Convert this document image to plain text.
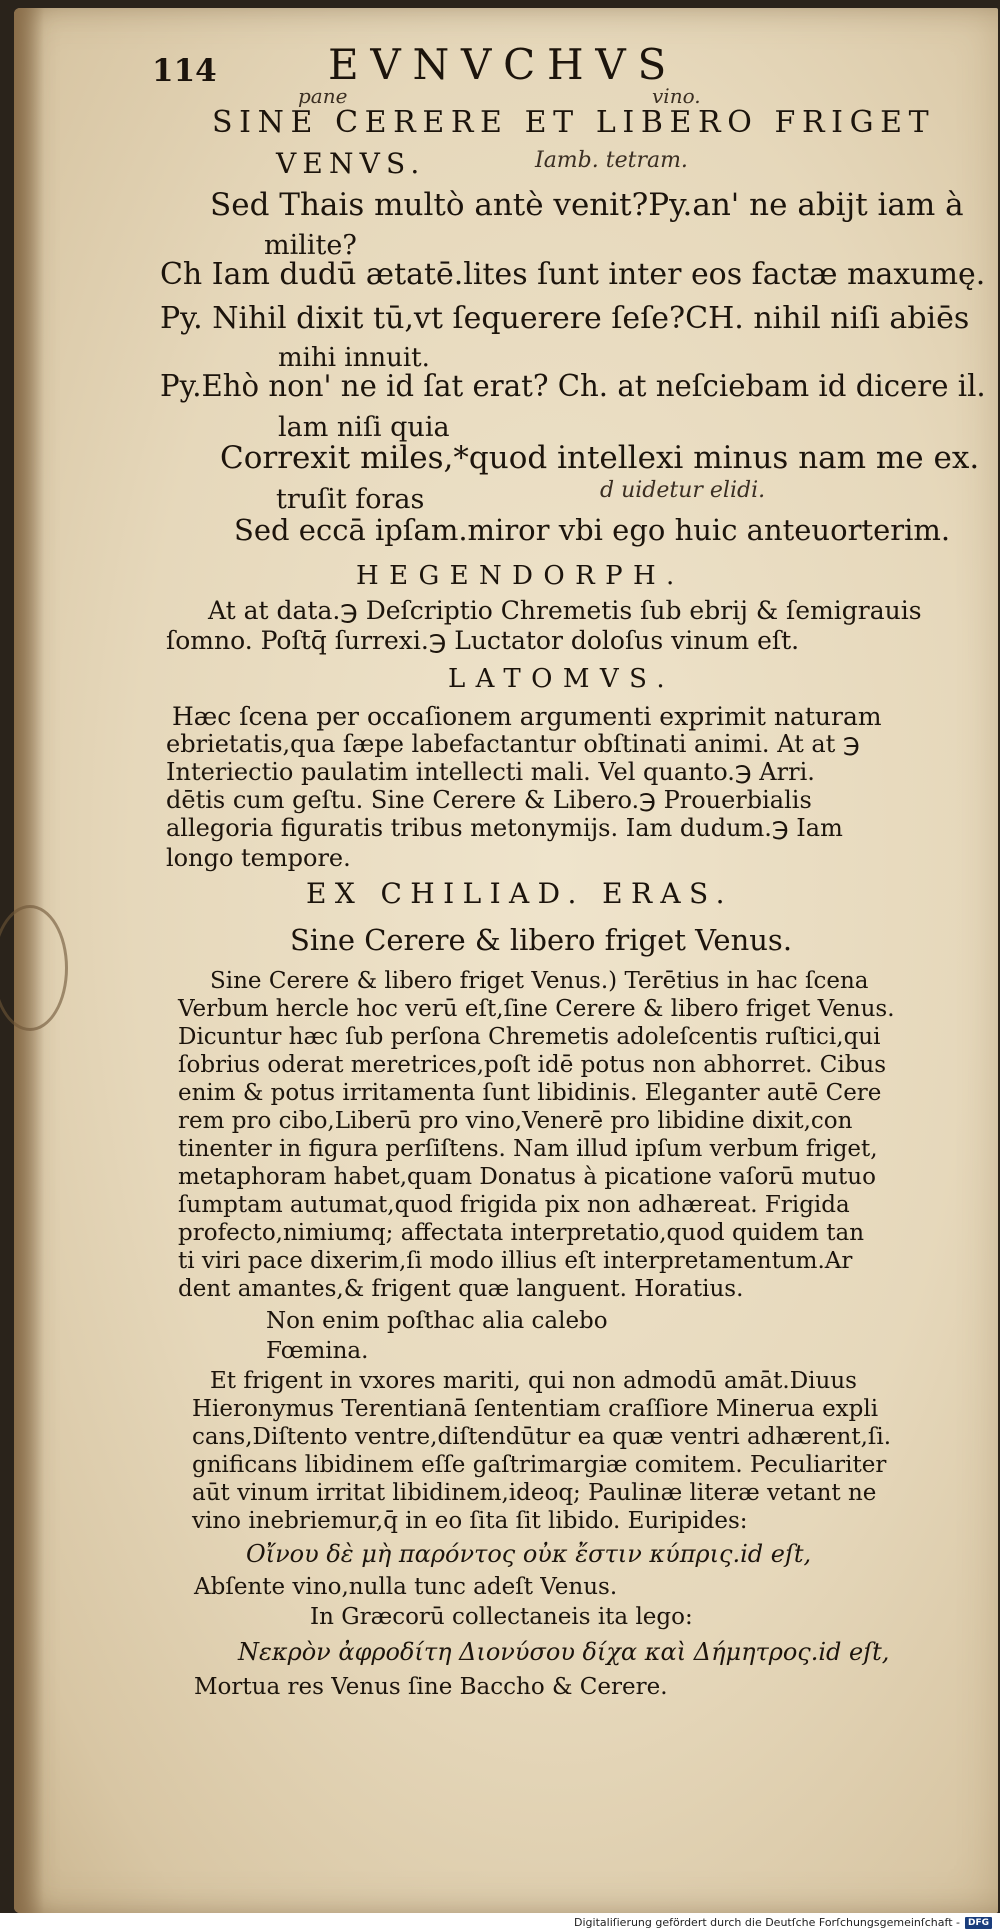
114	EVNVCHVS
pane	vino.
SINE CERERE ET LIBERO FRIGET
VENVS.	Iamb. tetram.
Sed Thais multò antè venit?Py.an' ne abijt iam à
milite?
Ch Iam dudū ætatē.lites ſunt inter eos factæ maxumę.
Py. Nihil dixit tū,vt ſequerere ſeſe?CH. nihil niſi abiēs
mihi innuit.
Py.Ehò non' ne id ſat erat? Ch. at neſciebam id dicere il.
lam niſi quia
Correxit miles,*quod intellexi minus nam me ex.
truſit foras	d uidetur elidi.
Sed eccā ipſam.miror vbi ego huic anteuorterim.
HEGENDORPH.
At at data.℈ Deſcriptio Chremetis ſub ebrij & ſemigrauis
ſomno. Poſtq̄ ſurrexi.℈ Luctator doloſus vinum eſt.
LATOMVS.
Hæc ſcena per occaſionem argumenti exprimit naturam
ebrietatis,qua ſæpe labefactantur obſtinati animi. At at ℈
Interiectio paulatim intellecti mali. Vel quanto.℈ Arri.
dētis cum geſtu. Sine Cerere & Libero.℈ Prouerbialis
allegoria figuratis tribus metonymijs. Iam dudum.℈ Iam
longo tempore.
EX CHILIAD. ERAS.
Sine Cerere & libero friget Venus.
Sine Cerere & libero friget Venus.) Terētius in hac ſcena
Verbum hercle hoc verū eſt,ſine Cerere & libero friget Venus.
Dicuntur hæc ſub perſona Chremetis adoleſcentis ruſtici,qui
ſobrius oderat meretrices,poſt idē potus non abhorret. Cibus
enim & potus irritamenta ſunt libidinis. Eleganter autē Cere
rem pro cibo,Liberū pro vino,Venerē pro libidine dixit,con
tinenter in figura perſiſtens. Nam illud ipſum verbum friget,
metaphoram habet,quam Donatus à picatione vaſorū mutuo
ſumptam autumat,quod frigida pix non adhæreat. Frigida
profecto,nimiumq; affectata interpretatio,quod quidem tan
ti viri pace dixerim,ſi modo illius eſt interpretamentum.Ar
dent amantes,& frigent quæ languent. Horatius.
Non enim poſthac alia calebo
Fœmina.
Et frigent in vxores mariti, qui non admodū amāt.Diuus
Hieronymus Terentianā ſententiam craſſiore Minerua expli
cans,Diſtento ventre,diſtendūtur ea quæ ventri adhærent,ſi.
gnificans libidinem eſſe gaſtrimargiæ comitem. Peculiariter
aūt vinum irritat libidinem,ideoq; Paulinæ literæ vetant ne
vino inebriemur,q̄ in eo ſita ſit libido. Euripides:
Οἴνου δὲ μὴ παρόντος οὐκ ἔστιν κύπρις.id eſt,
Abſente vino,nulla tunc adeſt Venus.
In Græcorū collectaneis ita lego:
Νεκρὸν ἀφροδίτη Διονύσου δίχα καὶ Δήμητρος.id eſt,
Mortua res Venus ſine Baccho & Cerere.
Digitaliſierung gefördert durch die Deutſche Forſchungsgemeinſchaft - DFG
